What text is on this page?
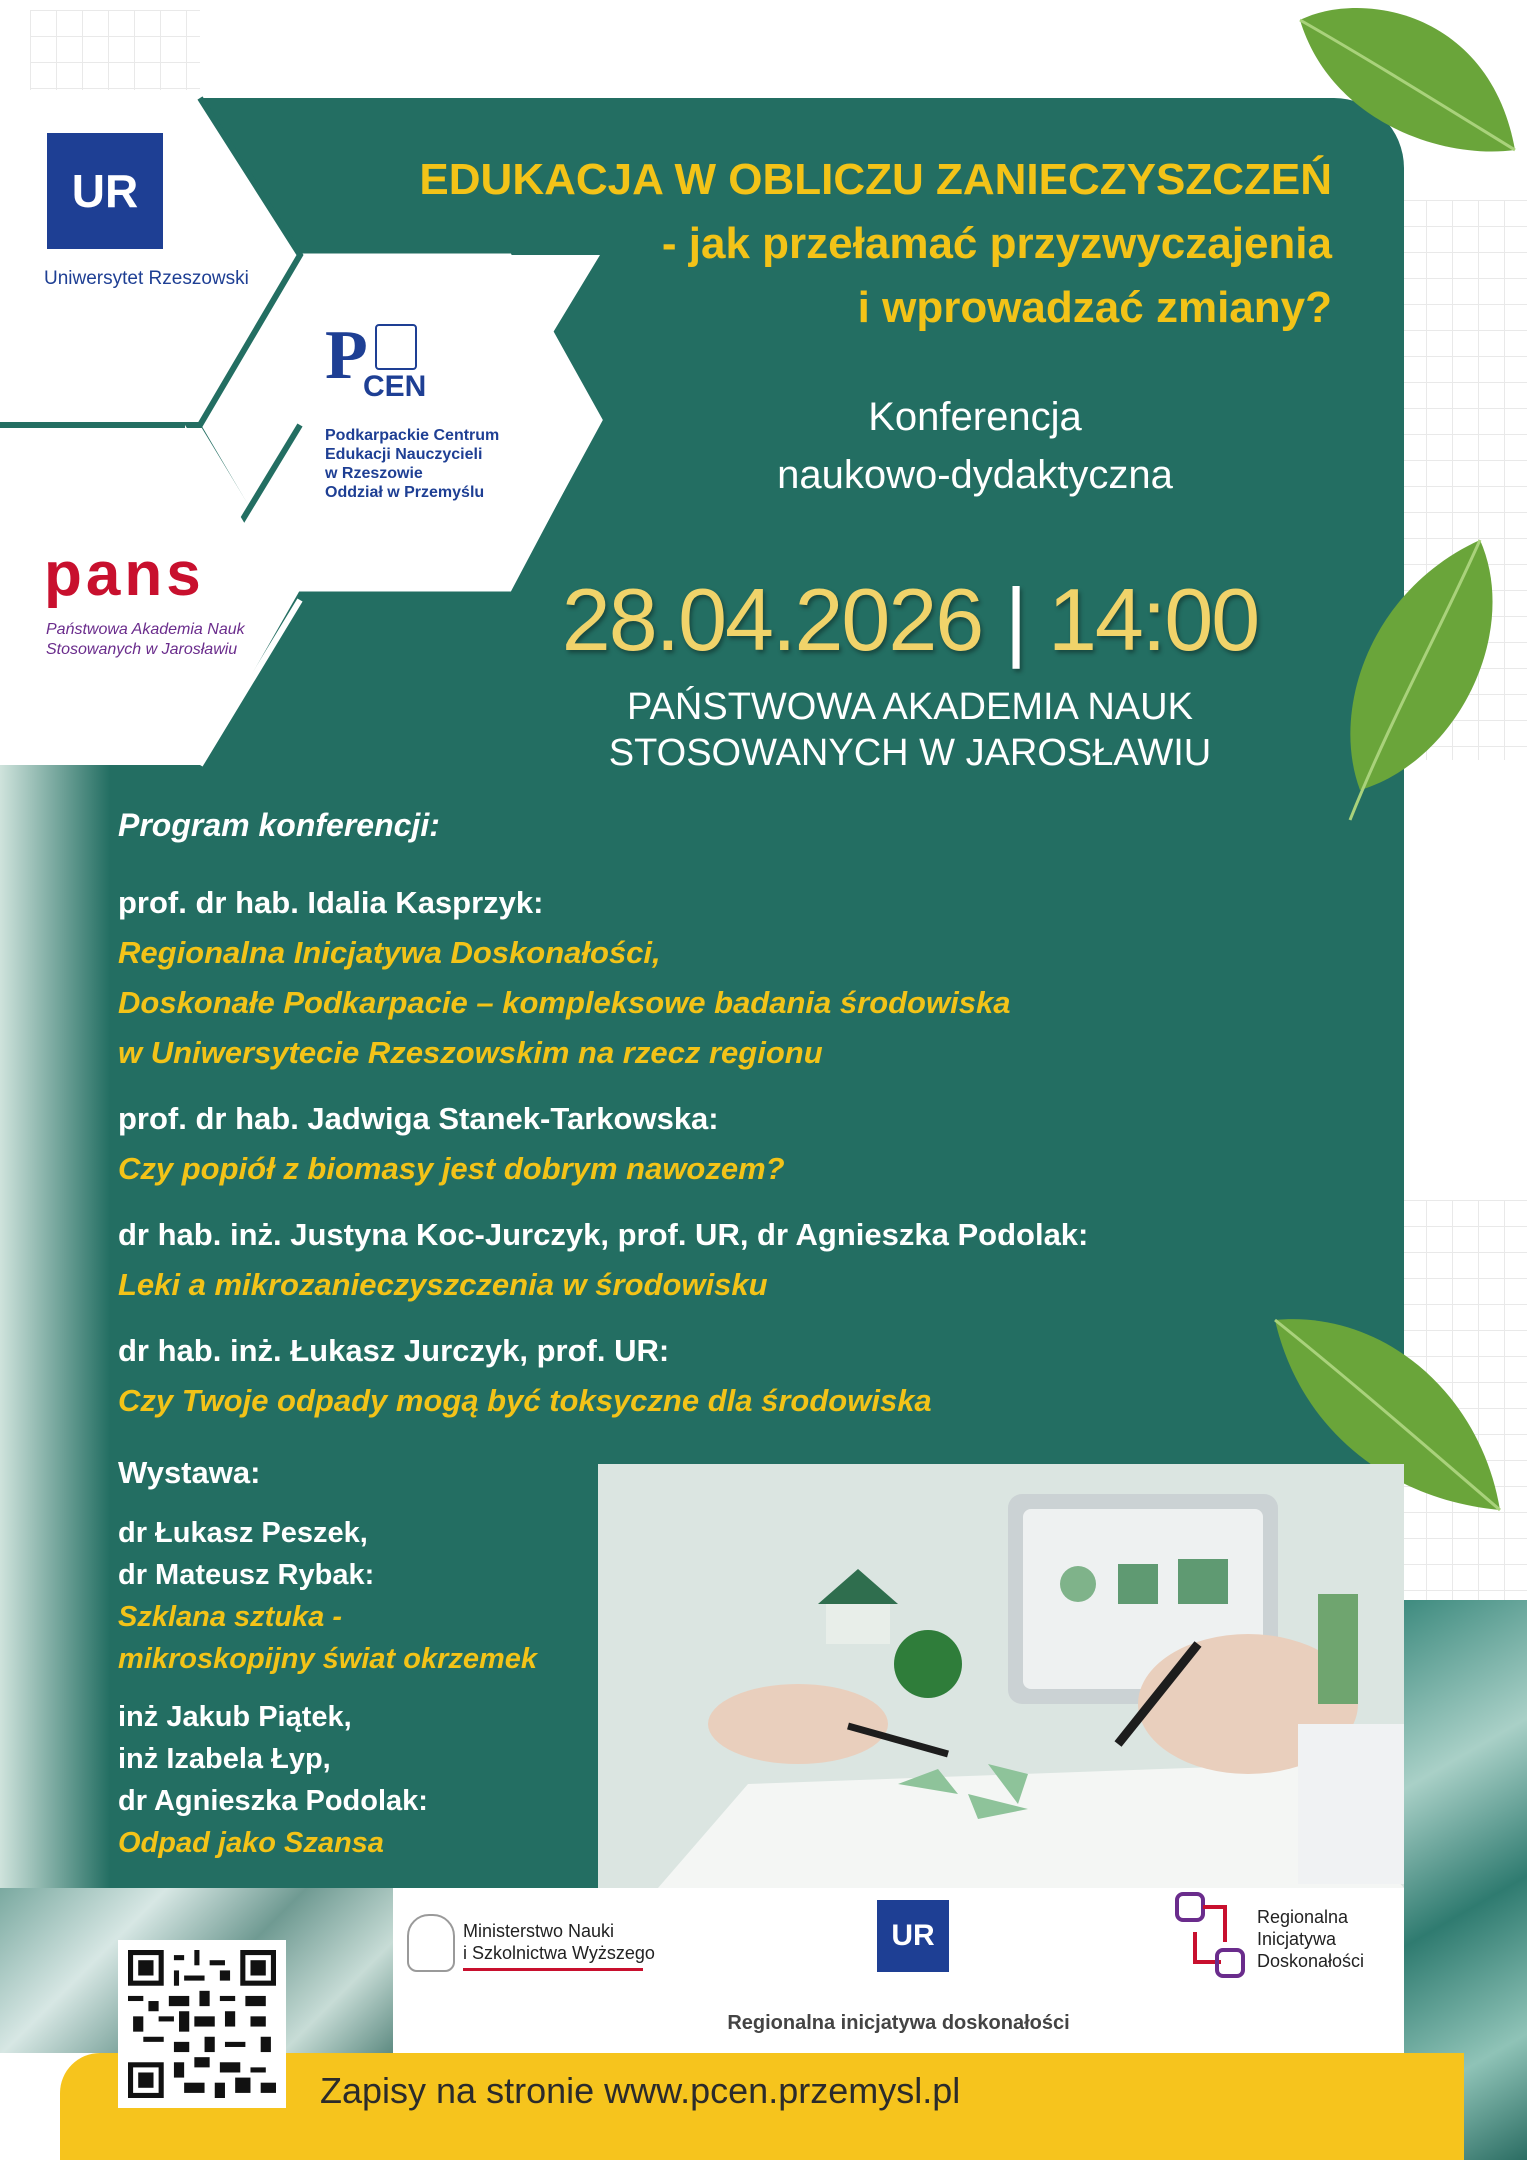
UR
Uniwersytet Rzeszowski
P
CEN
Podkarpackie Centrum
Edukacji Nauczycieli
w Rzeszowie
Oddział w Przemyślu
pans
Państwowa Akademia Nauk
Stosowanych w Jarosławiu
EDUKACJA W OBLICZU ZANIECZYSZCZEŃ
- jak przełamać przyzwyczajenia
i wprowadzać zmiany?
Konferencja
naukowo-dydaktyczna
28.04.2026 | 14:00
PAŃSTWOWA AKADEMIA NAUK
STOSOWANYCH W JAROSŁAWIU
Program konferencji:
prof. dr hab. Idalia Kasprzyk:
Regionalna Inicjatywa Doskonałości,
Doskonałe Podkarpacie – kompleksowe badania środowiska
w Uniwersytecie Rzeszowskim na rzecz regionu
prof. dr hab. Jadwiga Stanek-Tarkowska:
Czy popiół z biomasy jest dobrym nawozem?
dr hab. inż. Justyna Koc-Jurczyk, prof. UR, dr Agnieszka Podolak:
Leki a mikrozanieczyszczenia w środowisku
dr hab. inż. Łukasz Jurczyk, prof. UR:
Czy Twoje odpady mogą być toksyczne dla środowiska
Wystawa:
dr Łukasz Peszek,
dr Mateusz Rybak:
Szklana sztuka -
mikroskopijny świat okrzemek
inż Jakub Piątek,
inż Izabela Łyp,
dr Agnieszka Podolak:
Odpad jako Szansa
Ministerstwo Nauki
i Szkolnictwa Wyższego
UR
Regionalna
Inicjatywa
Doskonałości
Regionalna inicjatywa doskonałości
Zapisy na stronie www.pcen.przemysl.pl
